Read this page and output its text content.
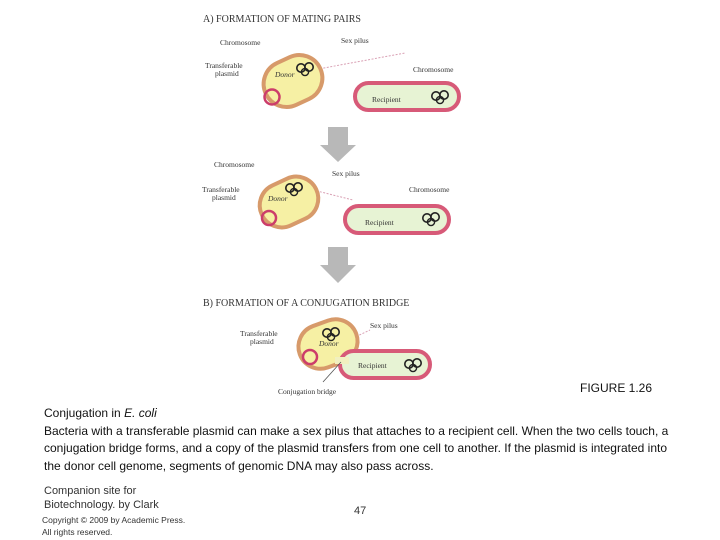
A) FORMATION OF MATING PAIRS
Chromosome	Sex pilus
Transferable
plasmid	Donor
Chromosome
Recipient
Chromosome
Sex pilus
Transferable
plasmid	Donor
Chromosome
Recipient
B) FORMATION OF A CONJUGATION BRIDGE
Transferable
plasmid
Sex pilus
Donor
Recipient
Conjugation bridge	FIGURE 1.26
Conjugation in E. coli
Bacteria with a transferable plasmid can make a sex pilus that attaches to a recipient cell. When the two cells touch, a conjugation bridge forms, and a copy of the plasmid transfers from one cell to another. If the plasmid is integrated into the donor cell genome, segments of genomic DNA may also pass across.
Companion site for
Biotechnology. by Clark
Copyright © 2009 by Academic Press.
All rights reserved.
47
